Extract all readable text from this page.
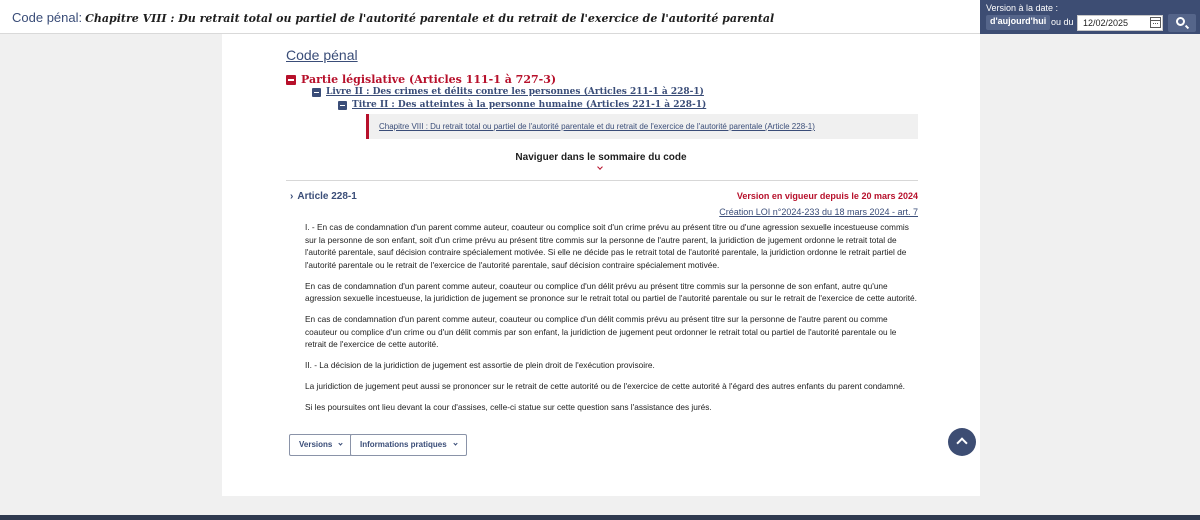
Code pénal: Chapitre VIII : Du retrait total ou partiel de l'autorité parentale et du retrait de l'exercice de l'autorité parental
Version à la date :
d'aujourd'hui ou du
12/02/2025
Code pénal
Partie législative (Articles 111-1 à 727-3)
Livre II : Des crimes et délits contre les personnes (Articles 211-1 à 228-1)
Titre II : Des atteintes à la personne humaine (Articles 221-1 à 228-1)
Chapitre VIII : Du retrait total ou partiel de l'autorité parentale et du retrait de l'exercice de l'autorité parentale (Article 228-1)
Naviguer dans le sommaire du code
› Article 228-1	Version en vigueur depuis le 20 mars 2024
Création LOI n°2024-233 du 18 mars 2024 - art. 7

I. - En cas de condamnation d'un parent comme auteur, coauteur ou complice soit d'un crime prévu au présent titre ou d'une agression sexuelle incestueuse commis sur la personne de son enfant, soit d'un crime prévu au présent titre commis sur la personne de l'autre parent, la juridiction de jugement ordonne le retrait total de l'autorité parentale, sauf décision contraire spécialement motivée. Si elle ne décide pas le retrait total de l'autorité parentale, la juridiction ordonne le retrait partiel de l'autorité parentale ou le retrait de l'exercice de l'autorité parentale, sauf décision contraire spécialement motivée.

En cas de condamnation d'un parent comme auteur, coauteur ou complice d'un délit prévu au présent titre commis sur la personne de son enfant, autre qu'une agression sexuelle incestueuse, la juridiction de jugement se prononce sur le retrait total ou partiel de l'autorité parentale ou sur le retrait de l'exercice de cette autorité.

En cas de condamnation d'un parent comme auteur, coauteur ou complice d'un délit commis prévu au présent titre sur la personne de l'autre parent ou comme coauteur ou complice d'un crime ou d'un délit commis par son enfant, la juridiction de jugement peut ordonner le retrait total ou partiel de l'autorité parentale ou le retrait de l'exercice de cette autorité.

II. - La décision de la juridiction de jugement est assortie de plein droit de l'exécution provisoire.

La juridiction de jugement peut aussi se prononcer sur le retrait de cette autorité ou de l'exercice de cette autorité à l'égard des autres enfants du parent condamné.

Si les poursuites ont lieu devant la cour d'assises, celle-ci statue sur cette question sans l'assistance des jurés.

Versions	Informations pratiques
